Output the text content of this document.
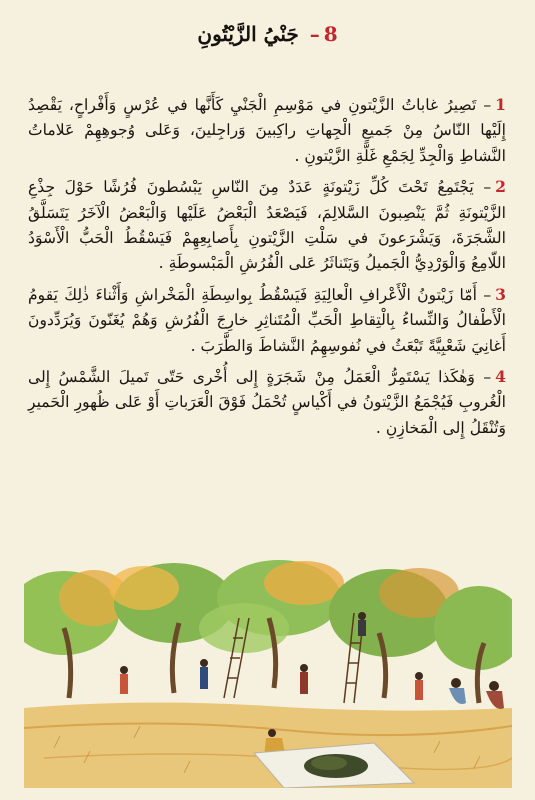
8– جَنْيُ الزَّيْتُونِ

1– تَصِيرُ غاباتُ الزَّيْتونِ في مَوْسِمِ الْجَنْيِ كَأَنَّها في عُرْسٍ وَأَفْراحٍ، يَقْصِدُ إِلَيْها النّاسُ مِنْ جَميعِ الْجِهاتِ راكِبينَ وَراجِلينَ، وَعَلى وُجوهِهِمْ عَلاماتُ النَّشاطِ وَالْجِدِّ لِجَمْعِ غَلَّةِ الزَّيْتونِ .

2– يَجْتَمِعُ تَحْتَ كُلِّ زَيْتونَةٍ عَدَدٌ مِنَ النّاسِ يَبْسُطونَ فُرُشًا حَوْلَ جِذْعِ الزَّيْتونَةِ ثُمَّ يَنْصِبونَ السَّلالِمَ، فَيَصْعَدُ الْبَعْضُ عَلَيْها وَالْبَعْضُ الْآخَرُ يَتَسَلَّقُ الشَّجَرَةَ، وَيَشْرَعونَ في سَلْتِ الزَّيْتونِ بِأَصابِعِهِمْ فَيَسْقُطُ الْحَبُّ الْأَسْوَدُ اللّامِعُ وَالْوَرْدِيُّ الْجَميلُ وَيَتَناثَرُ عَلى الْفُرُشِ الْمَبْسوطَةِ .

3– أَمّا زَيْتونُ الْأَعْرافِ الْعالِيَةِ فَيَسْقُطُ بِواسِطَةِ الْمَخْراشِ وَأَثْناءَ ذٰلِكَ يَقومُ الْأَطْفالُ وَالنِّساءُ بِالْتِقاطِ الْحَبِّ الْمُتَناثِرِ خارِجَ الْفُرُشِ وَهُمْ يُغَنّونَ وَيُرَدِّدونَ أَغانِيَ شَعْبِيَّةً تَبْعَثُ في نُفوسِهِمُ النَّشاطَ وَالطَّرَبَ .

4– وَهٰكَذا يَسْتَمِرُّ الْعَمَلُ مِنْ شَجَرَةٍ إِلى أُخْرى حَتّى تَميلَ الشَّمْسُ إِلى الْغُروبِ فَيُجْمَعُ الزَّيْتونُ في أَكْياسٍ تُحْمَلُ فَوْقَ الْعَرَباتِ أَوْ عَلى ظُهورِ الْحَميرِ وَتُنْقَلُ إِلى الْمَخازِنِ .
